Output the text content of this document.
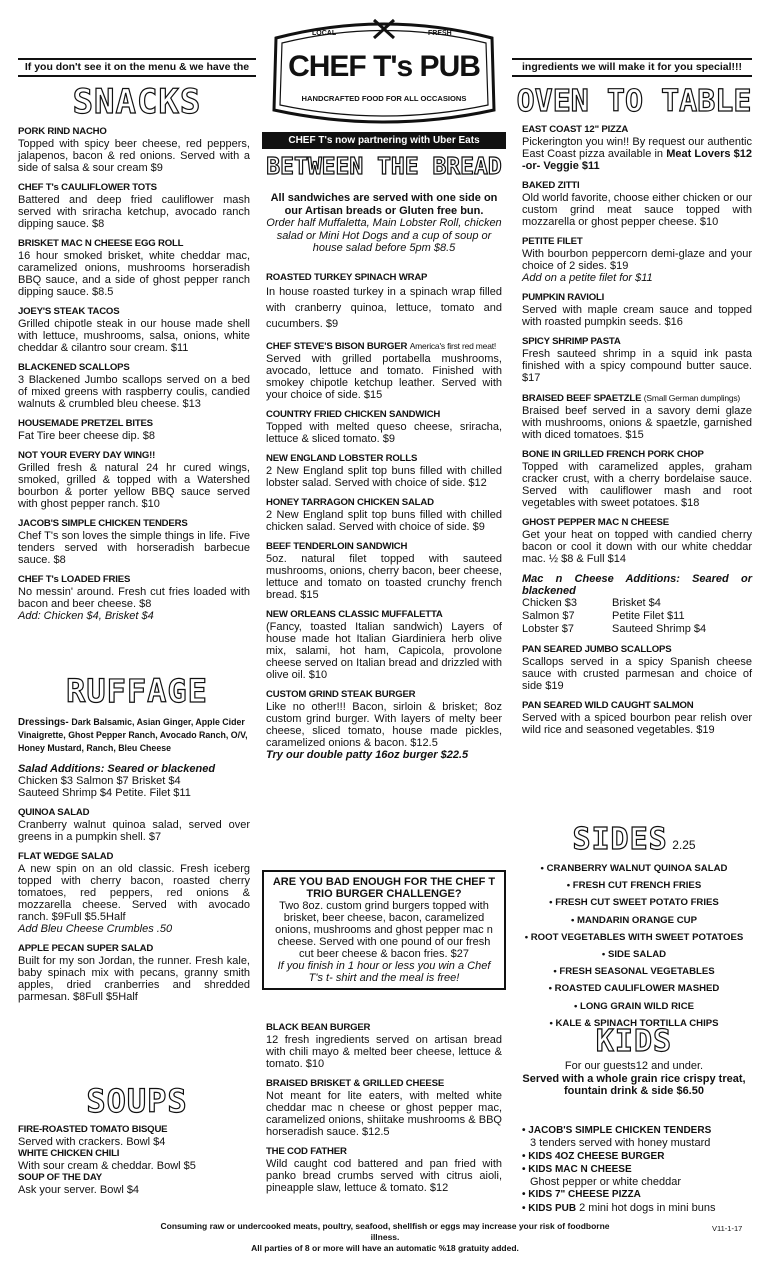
If you don't see it on the menu & we have the	ingredients we will make it for you special!!!
LOCAL	FRESH
CHEF T's PUB
HANDCRAFTED FOOD FOR ALL OCCASIONS
SNACKS
PORK RIND NACHO
Topped with spicy beer cheese, red peppers, jalapenos, bacon & red onions. Served with a side of salsa & sour cream $9
CHEF T's CAULIFLOWER TOTS
Battered and deep fried cauliflower mash served with sriracha ketchup, avocado ranch dipping sauce. $8
BRISKET MAC N CHEESE EGG ROLL
16 hour smoked brisket, white cheddar mac, caramelized onions, mushrooms horseradish BBQ sauce, and a side of ghost pepper ranch dipping sauce. $8.5
JOEY'S STEAK TACOS
Grilled chipotle steak in our house made shell with lettuce, mushrooms, salsa, onions, white cheddar & cilantro sour cream. $11
BLACKENED SCALLOPS
3 Blackened Jumbo scallops served on a bed of mixed greens with raspberry coulis, candied walnuts & crumbled bleu cheese. $13
HOUSEMADE PRETZEL BITES
Fat Tire beer cheese dip. $8
NOT YOUR EVERY DAY WING!!
Grilled fresh & natural 24 hr cured wings, smoked, grilled & topped with a Watershed bourbon & porter yellow BBQ sauce served with ghost pepper ranch. $10
JACOB'S SIMPLE CHICKEN TENDERS
Chef T's son loves the simple things in life. Five tenders served with horseradish barbecue sauce. $8
CHEF T's LOADED FRIES
No messin' around. Fresh cut fries loaded with bacon and beer cheese. $8
Add: Chicken $4, Brisket $4
RUFFAGE
Dressings- Dark Balsamic, Asian Ginger, Apple Cider Vinaigrette, Ghost Pepper Ranch, Avocado Ranch, O/V, Honey Mustard, Ranch, Bleu Cheese
Salad Additions: Seared or blackened
Chicken $3 Salmon $7 Brisket $4
Sauteed Shrimp $4 Petite. Filet $11
QUINOA SALAD
Cranberry walnut quinoa salad, served over greens in a pumpkin shell. $7
FLAT WEDGE SALAD
A new spin on an old classic. Fresh iceberg topped with cherry bacon, roasted cherry tomatoes, red peppers, red onions & mozzarella cheese. Served with avocado ranch. $9Full $5.5Half
Add Bleu Cheese Crumbles .50
APPLE PECAN SUPER SALAD
Built for my son Jordan, the runner. Fresh kale, baby spinach mix with pecans, granny smith apples, dried cranberries and shredded parmesan. $8Full $5Half
SOUPS
FIRE-ROASTED TOMATO BISQUE
Served with crackers. Bowl $4
WHITE CHICKEN CHILI
With sour cream & cheddar. Bowl $5
SOUP OF THE DAY
Ask your server. Bowl $4
CHEF T's now partnering with Uber Eats
BETWEEN THE BREAD
All sandwiches are served with one side on our Artisan breads or Gluten free bun.
Order half Muffaletta, Main Lobster Roll, chicken salad or Mini Hot Dogs and a cup of soup or house salad before 5pm $8.5
ROASTED TURKEY SPINACH WRAP
In house roasted turkey in a spinach wrap filled with cranberry quinoa, lettuce, tomato and cucumbers. $9
CHEF STEVE'S BISON BURGER America's first red meat!
Served with grilled portabella mushrooms, avocado, lettuce and tomato. Finished with smokey chipotle ketchup leather. Served with your choice of side. $15
COUNTRY FRIED CHICKEN SANDWICH
Topped with melted queso cheese, sriracha, lettuce & sliced tomato. $9
NEW ENGLAND LOBSTER ROLLS
2 New England split top buns filled with chilled lobster salad. Served with choice of side. $12
HONEY TARRAGON CHICKEN SALAD
2 New England split top buns filled with chilled chicken salad. Served with choice of side. $9
BEEF TENDERLOIN SANDWICH
5oz. natural filet topped with sauteed mushrooms, onions, cherry bacon, beer cheese, lettuce and tomato on toasted crunchy french bread. $15
NEW ORLEANS CLASSIC MUFFALETTA
(Fancy, toasted Italian sandwich) Layers of house made hot Italian Giardiniera herb olive mix, salami, hot ham, Capicola, provolone cheese served on Italian bread and drizzled with olive oil. $10
CUSTOM GRIND STEAK BURGER
Like no other!!! Bacon, sirloin & brisket; 8oz custom grind burger. With layers of melty beer cheese, sliced tomato, house made pickles, caramelized onions & bacon. $12.5
Try our double patty 16oz burger $22.5
ARE YOU BAD ENOUGH FOR THE CHEF T TRIO BURGER CHALLENGE?
Two 8oz. custom grind burgers topped with brisket, beer cheese, bacon, caramelized onions, mushrooms and ghost pepper mac n cheese. Served with one pound of our fresh cut beer cheese & bacon fries. $27
If you finish in 1 hour or less you win a Chef T's t- shirt and the meal is free!
BLACK BEAN BURGER
12 fresh ingredients served on artisan bread with chili mayo & melted beer cheese, lettuce & tomato. $10
BRAISED BRISKET & GRILLED CHEESE
Not meant for lite eaters, with melted white cheddar mac n cheese or ghost pepper mac, caramelized onions, shiitake mushrooms & BBQ horseradish sauce. $12.5
THE COD FATHER
Wild caught cod battered and pan fried with panko bread crumbs served with citrus aioli, pineapple slaw, lettuce & tomato. $12
OVEN TO TABLE
EAST COAST 12" PIZZA
Pickerington you win!! By request our authentic East Coast pizza available in Meat Lovers $12 -or- Veggie $11
BAKED ZITTI
Old world favorite, choose either chicken or our custom grind meat sauce topped with mozzarella or ghost pepper cheese. $10
PETITE FILET
With bourbon peppercorn demi-glaze and your choice of 2 sides. $19
Add on a petite filet for $11
PUMPKIN RAVIOLI
Served with maple cream sauce and topped with roasted pumpkin seeds. $16
SPICY SHRIMP PASTA
Fresh sauteed shrimp in a squid ink pasta finished with a spicy compound butter sauce. $17
BRAISED BEEF SPAETZLE (Small German dumplings)
Braised beef served in a savory demi glaze with mushrooms, onions & spaetzle, garnished with diced tomatoes. $15
BONE IN GRILLED FRENCH PORK CHOP
Topped with caramelized apples, graham cracker crust, with a cherry bordelaise sauce. Served with cauliflower mash and root vegetables with sweet potatoes. $18
GHOST PEPPER MAC N CHEESE
Get your heat on topped with candied cherry bacon or cool it down with our white cheddar mac. ½ $8 & Full $14
Mac n Cheese Additions: Seared or blackened
Chicken $3	Brisket $4
Salmon $7	Petite Filet $11
Lobster $7	Sauteed Shrimp $4
PAN SEARED JUMBO SCALLOPS
Scallops served in a spicy Spanish cheese sauce with crusted parmesan and choice of side $19
PAN SEARED WILD CAUGHT SALMON
Served with a spiced bourbon pear relish over wild rice and seasoned vegetables. $19
SIDES 2.25
• CRANBERRY WALNUT QUINOA SALAD
• FRESH CUT FRENCH FRIES
• FRESH CUT SWEET POTATO FRIES
• MANDARIN ORANGE CUP
• ROOT VEGETABLES WITH SWEET POTATOES
• SIDE SALAD
• FRESH SEASONAL VEGETABLES
• ROASTED CAULIFLOWER MASHED
• LONG GRAIN WILD RICE
• KALE & SPINACH TORTILLA CHIPS
KIDS
For our guests12 and under.
Served with a whole grain rice crispy treat, fountain drink & side $6.50
• JACOB'S SIMPLE CHICKEN TENDERS
3 tenders served with honey mustard
• KIDS 4OZ CHEESE BURGER
• KIDS MAC N CHEESE
Ghost pepper or white cheddar
• KIDS 7" CHEESE PIZZA
• KIDS PUB 2 mini hot dogs in mini buns
Consuming raw or undercooked meats, poultry, seafood, shellfish or eggs may increase your risk of foodborne illness.
All parties of 8 or more will have an automatic %18 gratuity added.
V11-1-17
